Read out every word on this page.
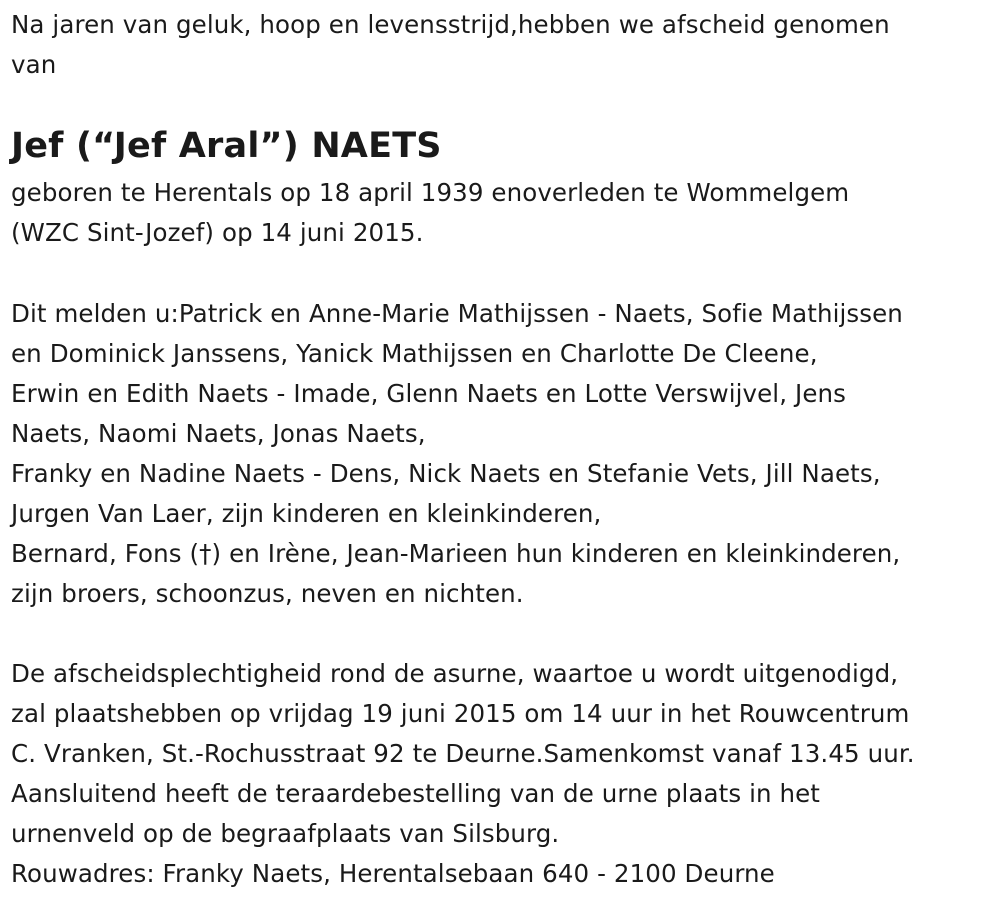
Na jaren van geluk, hoop en levensstrijd,hebben we afscheid genomen
van
Jef (“Jef Aral”) NAETS
geboren te Herentals op 18 april 1939 enoverleden te Wommelgem
(WZC Sint-Jozef) op 14 juni 2015.
Dit melden u:Patrick en Anne-Marie Mathijssen - Naets, Sofie Mathijssen
en Dominick Janssens, Yanick Mathijssen en Charlotte De Cleene,
Erwin en Edith Naets - Imade, Glenn Naets en Lotte Verswijvel, Jens
Naets, Naomi Naets, Jonas Naets,
Franky en Nadine Naets - Dens, Nick Naets en Stefanie Vets, Jill Naets,
Jurgen Van Laer, zijn kinderen en kleinkinderen,
Bernard, Fons (†) en Irène, Jean-Marieen hun kinderen en kleinkinderen,
zijn broers, schoonzus, neven en nichten.
De afscheidsplechtigheid rond de asurne, waartoe u wordt uitgenodigd,
zal plaatshebben op vrijdag 19 juni 2015 om 14 uur in het Rouwcentrum
C. Vranken, St.-Rochusstraat 92 te Deurne.Samenkomst vanaf 13.45 uur.
Aansluitend heeft de teraardebestelling van de urne plaats in het
urnenveld op de begraafplaats van Silsburg.
Rouwadres: Franky Naets, Herentalsebaan 640 - 2100 Deurne
